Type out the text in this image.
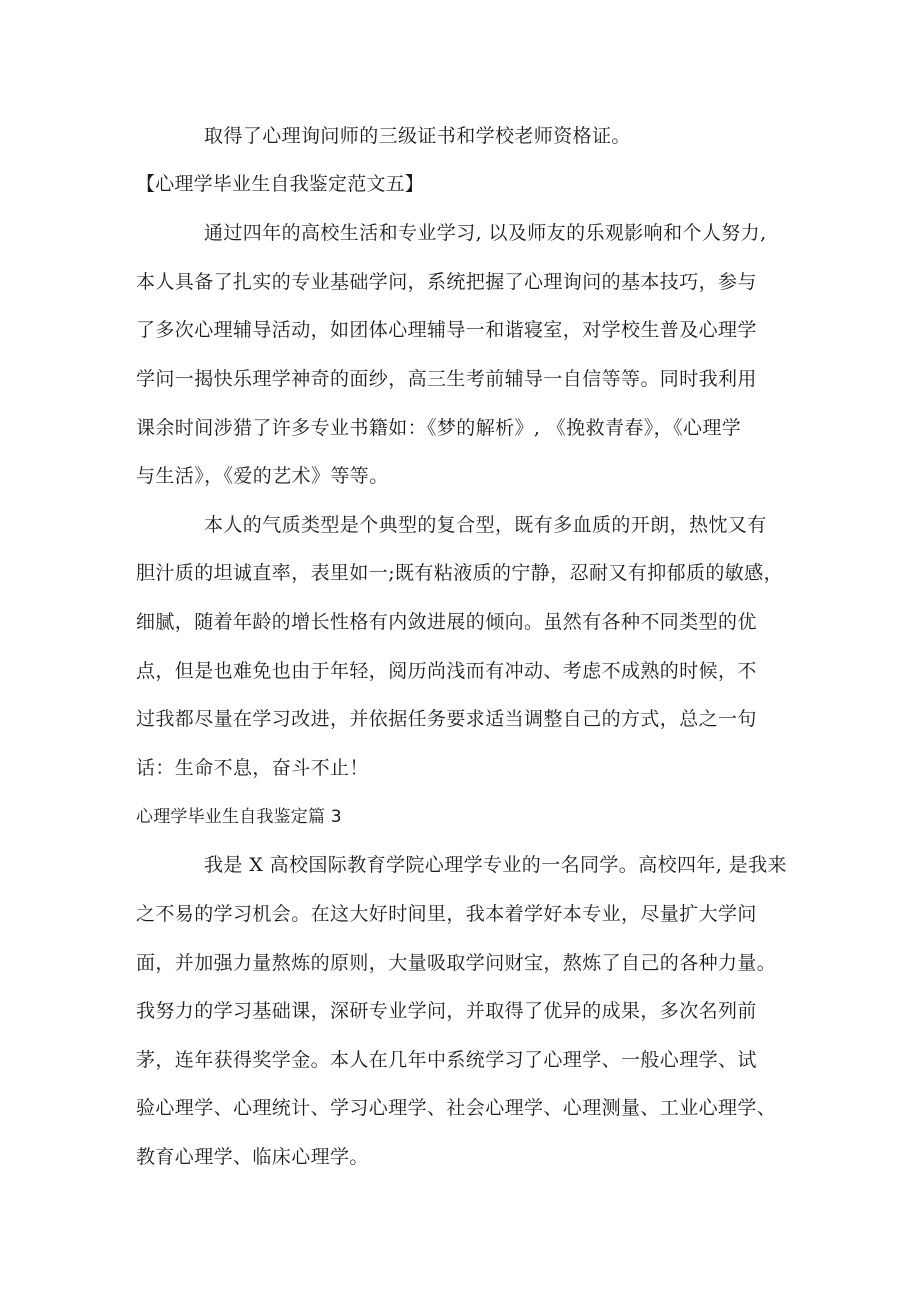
取得了心理询问师的三级证书和学校老师资格证。
【心理学毕业生自我鉴定范文五】
通过四年的高校生活和专业学习, 以及师友的乐观影响和个人努力,
本人具备了扎实的专业基础学问，系统把握了心理询问的基本技巧，参与
了多次心理辅导活动，如团体心理辅导一和谐寝室，对学校生普及心理学
学问一揭快乐理学神奇的面纱，高三生考前辅导一自信等等。同时我利用
课余时间涉猎了许多专业书籍如：《梦的解析》, 《挽救青春》，《心理学
与生活》，《爱的艺术》等等。
本人的气质类型是个典型的复合型，既有多血质的开朗，热忱又有
胆汁质的坦诚直率，表里如一;既有粘液质的宁静，忍耐又有抑郁质的敏感，
细腻，随着年龄的增长性格有内敛进展的倾向。虽然有各种不同类型的优
点，但是也难免也由于年轻，阅历尚浅而有冲动、考虑不成熟的时候，不
过我都尽量在学习改进，并依据任务要求适当调整自己的方式，总之一句
话：生命不息，奋斗不止！
心理学毕业生自我鉴定篇 3
我是 X 高校国际教育学院心理学专业的一名同学。高校四年, 是我来
之不易的学习机会。在这大好时间里，我本着学好本专业，尽量扩大学问
面，并加强力量熬炼的原则，大量吸取学问财宝，熬炼了自己的各种力量。
我努力的学习基础课，深研专业学问，并取得了优异的成果，多次名列前
茅，连年获得奖学金。本人在几年中系统学习了心理学、一般心理学、试
验心理学、心理统计、学习心理学、社会心理学、心理测量、工业心理学、
教育心理学、临床心理学。
